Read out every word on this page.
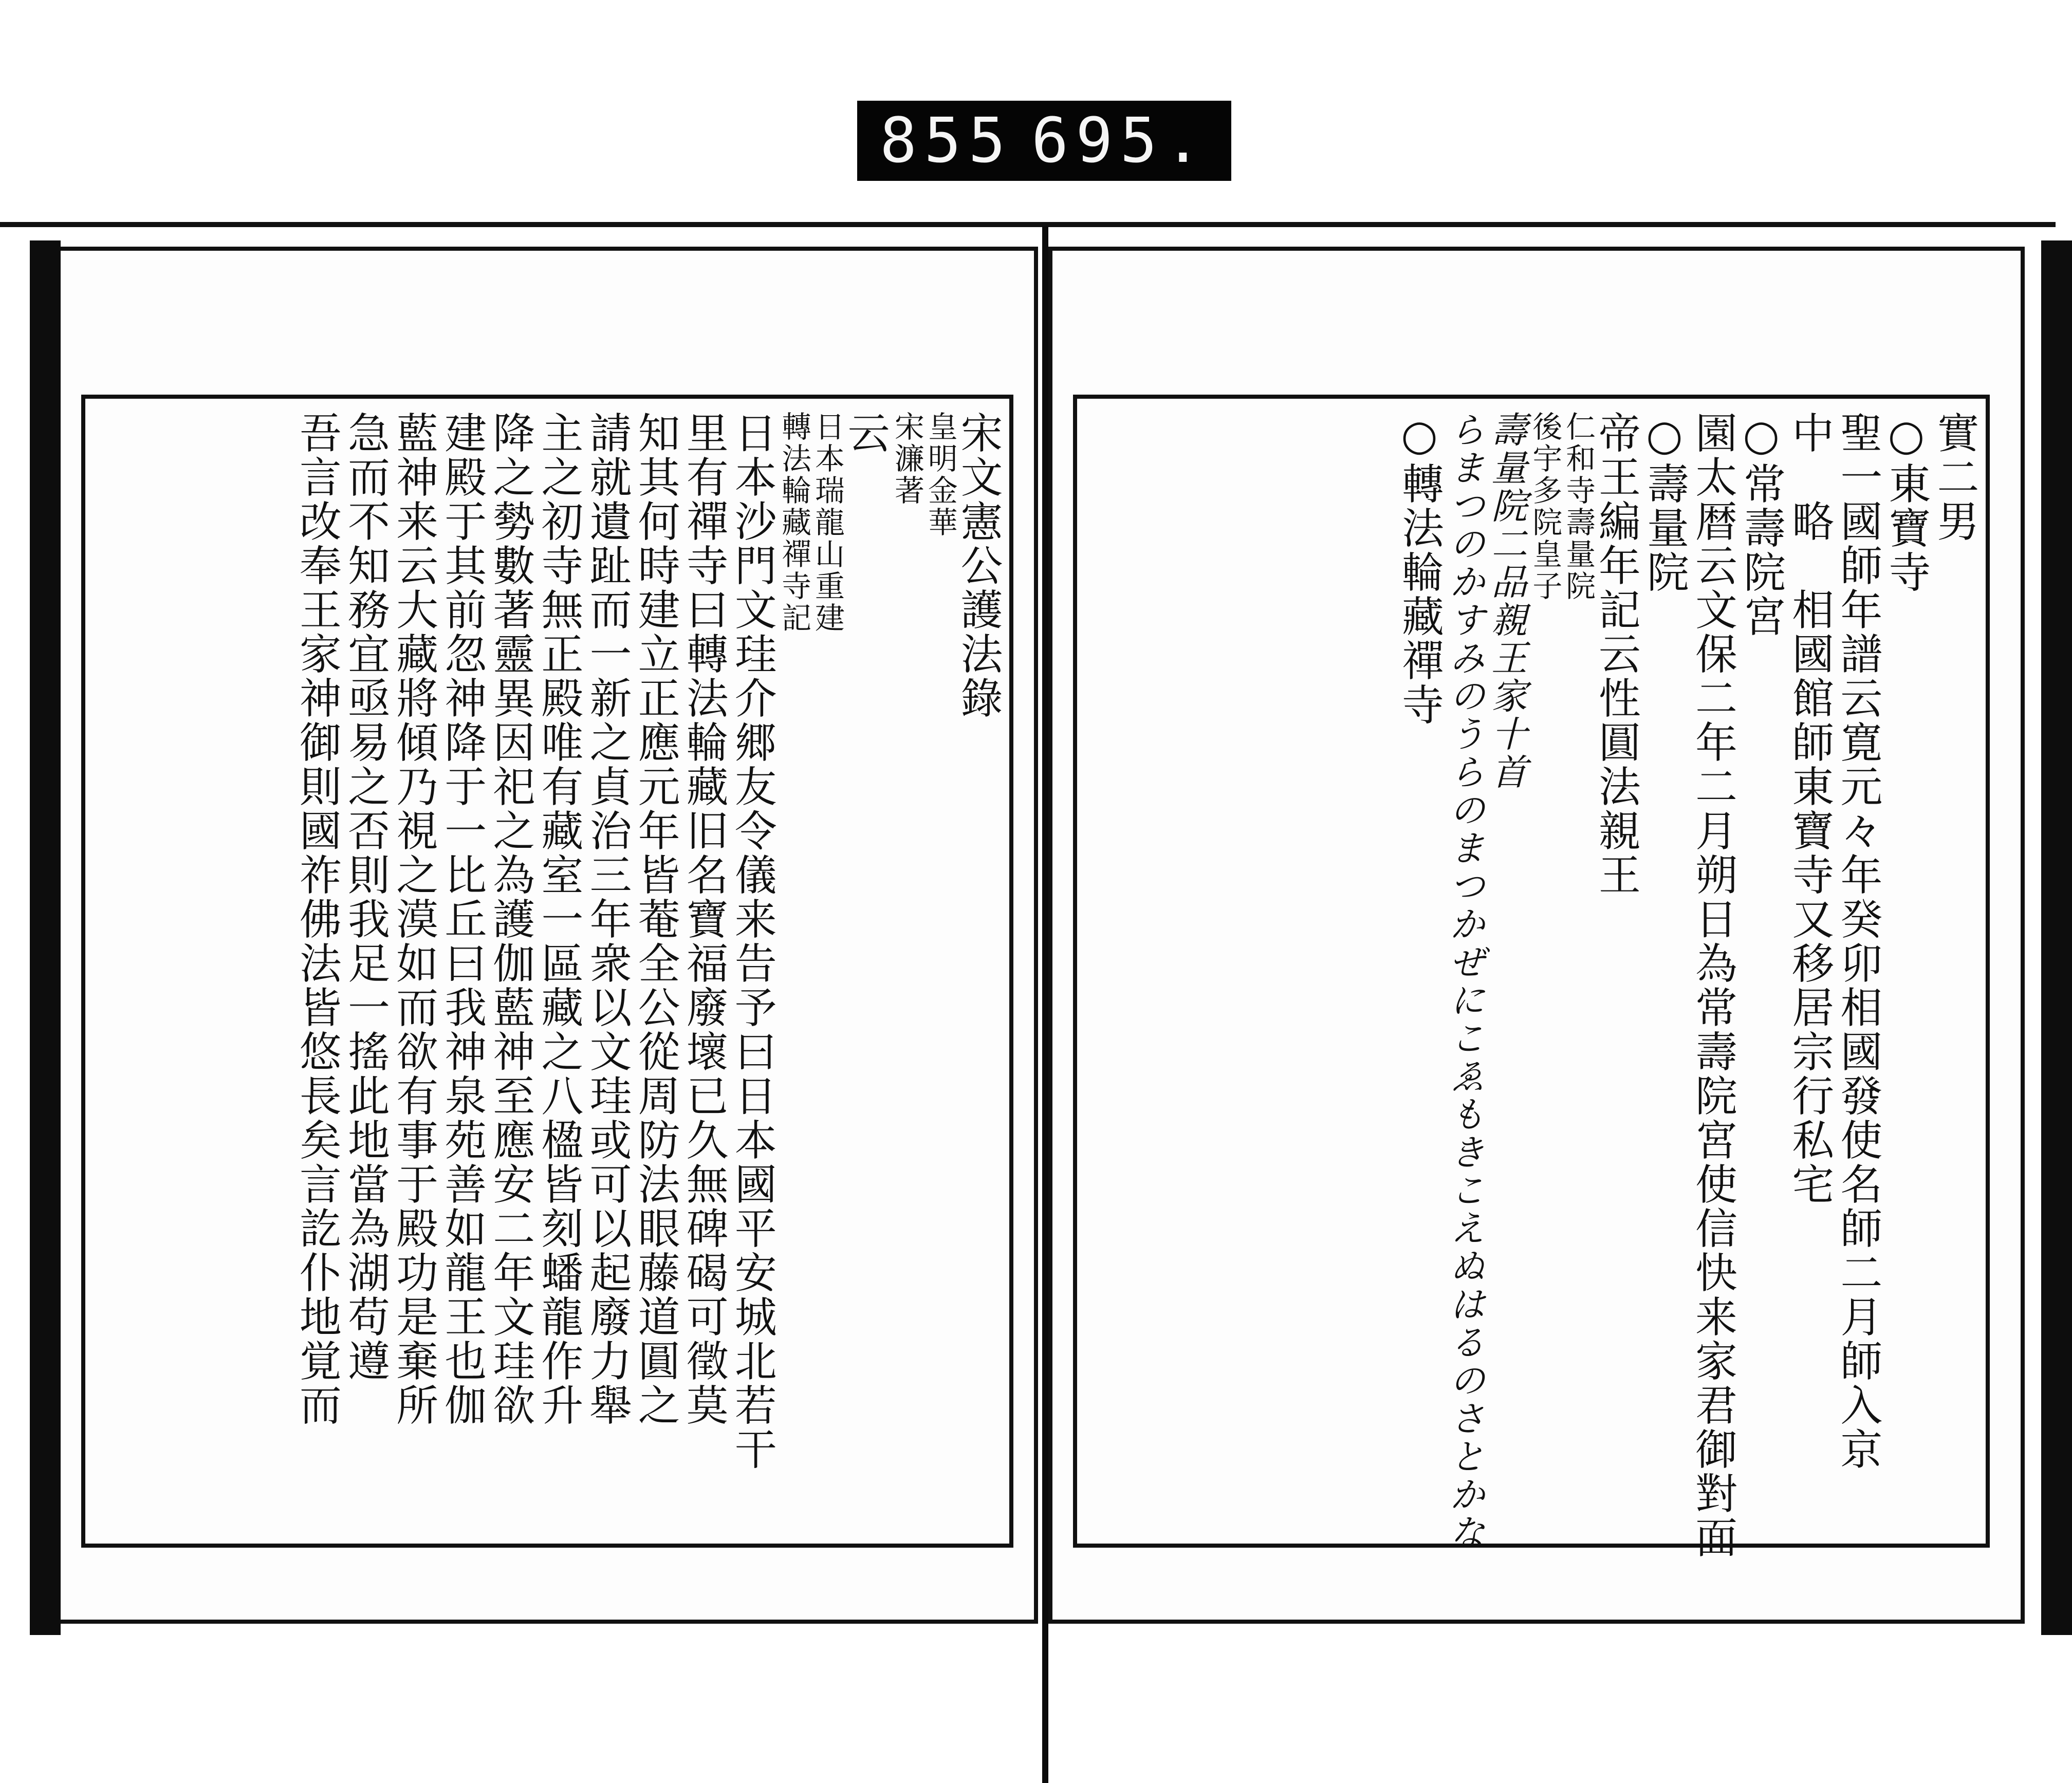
855 695.
宋文憲公護法錄
皇明金華
宋濂著
云
日本瑞龍山重建
轉法輪藏禪寺記
日本沙門文珪介郷友令儀来告予曰日本國平安城北若干
里有禪寺曰轉法輪藏旧名寶福廢壞已久無碑碣可徵莫
知其何時建立正應元年皆菴全公從周防法眼藤道圓之
請就遺趾而一新之貞治三年衆以文珪或可以起廢力舉
主之初寺無正殿唯有藏室一區藏之八楹皆刻蟠龍作升
降之勢數著靈異因祀之為護伽藍神至應安二年文珪欲
建殿于其前忽神降于一比丘曰我神泉苑善如龍王也伽
藍神来云大藏將傾乃視之漠如而欲有事于殿功是棄所
急而不知務宜亟易之否則我足一搖此地當為湖苟遵
吾言改奉王家神御則國祚佛法皆悠長矣言訖仆地覚而	實二男
○東寶寺
聖一國師年譜云寛元々年癸卯相國發使名師二月師入京
中　略　相國館師東寶寺又移居宗行私宅
○常壽院宮
園太暦云文保二年二月朔日為常壽院宮使信快来家君御對面
○壽量院
帝王編年記云性圓法親王
仁和寺壽量院
後宇多院皇子
壽量院二品親王家十首
らまつのかすみのうらのまつかぜにこゑもきこえぬはるのさとかな
○轉法輪藏禪寺
